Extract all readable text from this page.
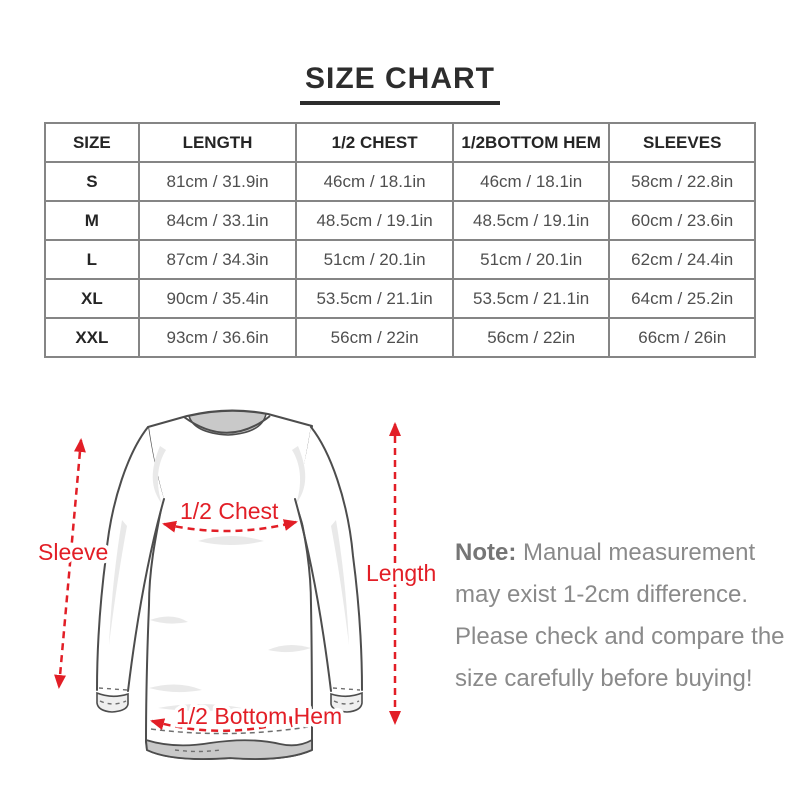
SIZE CHART
SIZE	LENGTH	1/2 CHEST	1/2BOTTOM HEM	SLEEVES
S	81cm / 31.9in	46cm / 18.1in	46cm / 18.1in	58cm / 22.8in
M	84cm / 33.1in	48.5cm / 19.1in	48.5cm / 19.1in	60cm / 23.6in
L	87cm / 34.3in	51cm / 20.1in	51cm / 20.1in	62cm / 24.4in
XL	90cm / 35.4in	53.5cm / 21.1in	53.5cm / 21.1in	64cm / 25.2in
XXL	93cm / 36.6in	56cm / 22in	56cm / 22in	66cm / 26in
Sleeve
1/2 Chest
Length
1/2 Bottom Hem

Note: Manual measurement may exist 1-2cm difference. Please check and compare the size carefully before buying!
